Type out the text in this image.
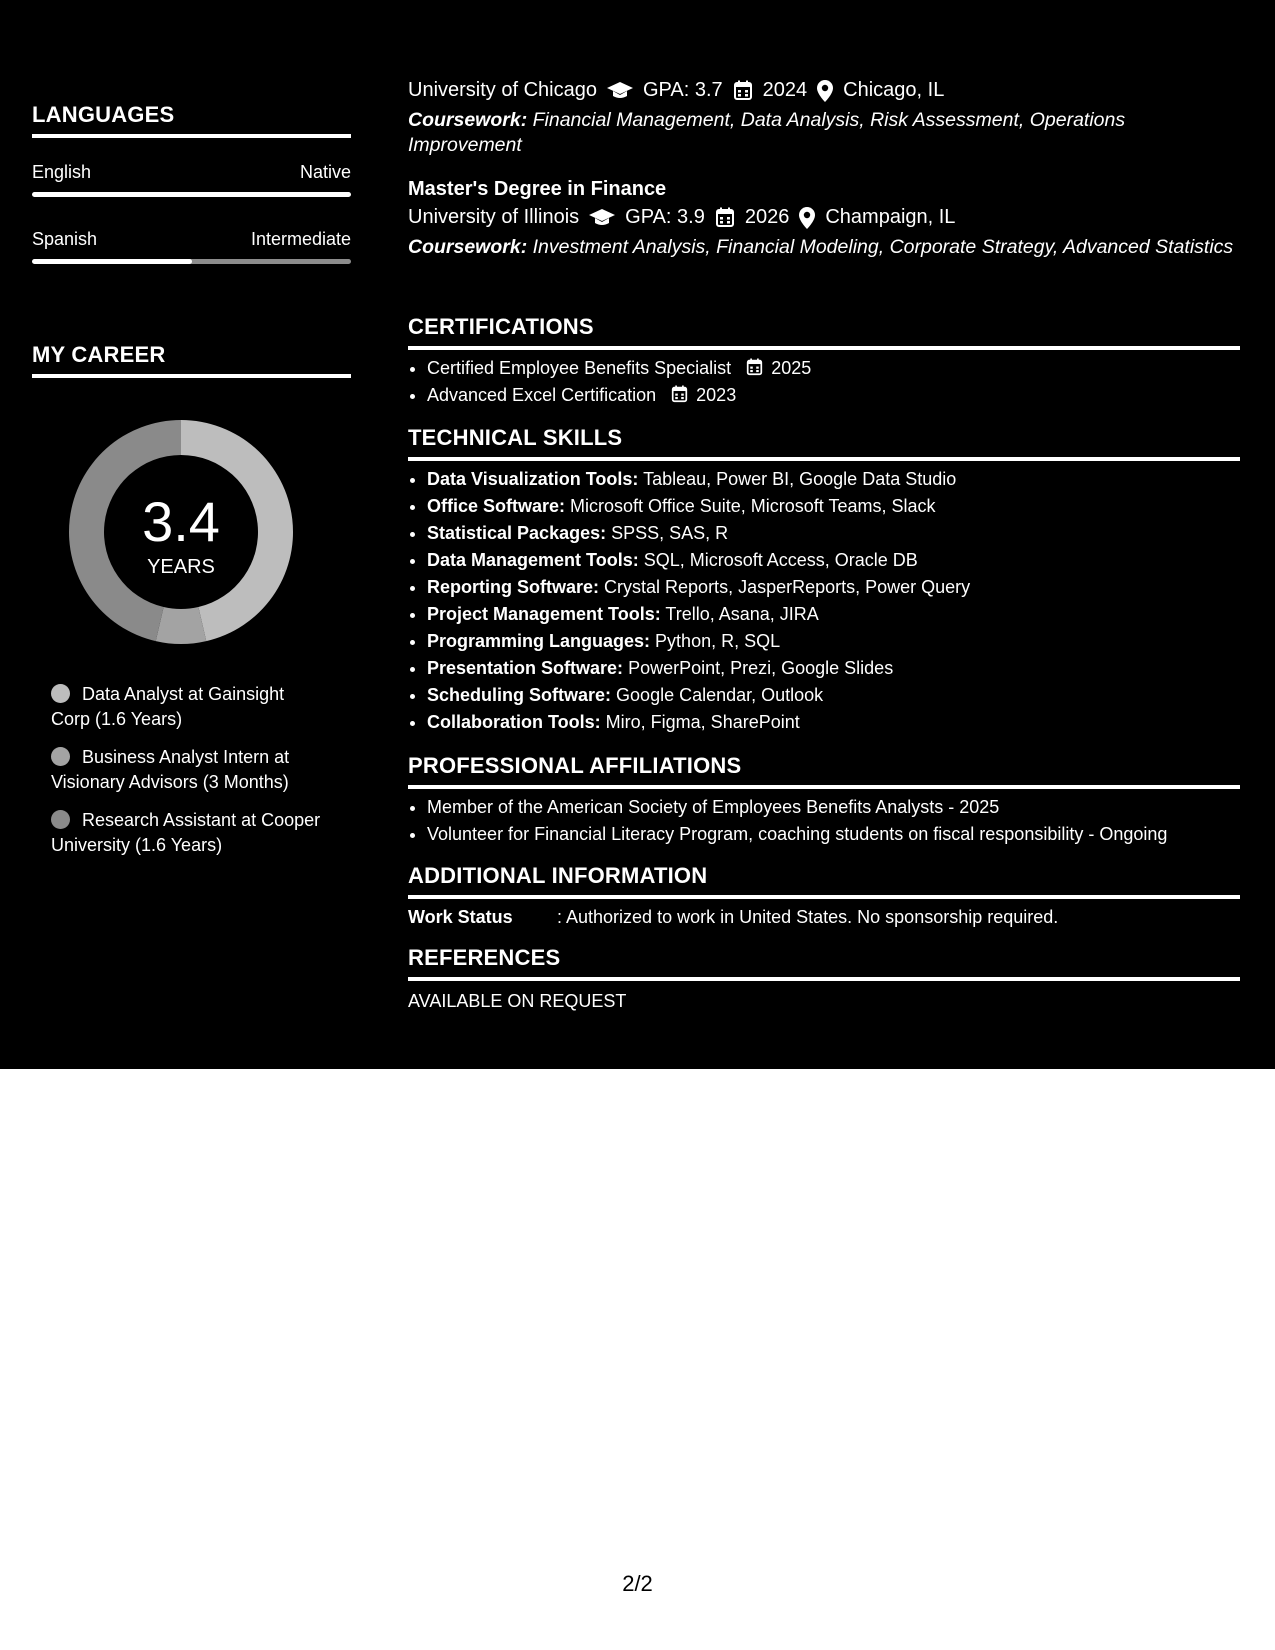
LANGUAGES
English	Native
Spanish	Intermediate
MY CAREER
3.4
YEARS
Data Analyst at Gainsight Corp (1.6 Years)
Business Analyst Intern at Visionary Advisors (3 Months)
Research Assistant at Cooper University (1.6 Years)
University of Chicago GPA: 3.7 2024 Chicago, IL
Coursework: Financial Management, Data Analysis, Risk Assessment, Operations Improvement
Master's Degree in Finance
University of Illinois GPA: 3.9 2026 Champaign, IL
Coursework: Investment Analysis, Financial Modeling, Corporate Strategy, Advanced Statistics
CERTIFICATIONS
• Certified Employee Benefits Specialist 2025
• Advanced Excel Certification 2023
TECHNICAL SKILLS
• Data Visualization Tools: Tableau, Power BI, Google Data Studio
• Office Software: Microsoft Office Suite, Microsoft Teams, Slack
• Statistical Packages: SPSS, SAS, R
• Data Management Tools: SQL, Microsoft Access, Oracle DB
• Reporting Software: Crystal Reports, JasperReports, Power Query
• Project Management Tools: Trello, Asana, JIRA
• Programming Languages: Python, R, SQL
• Presentation Software: PowerPoint, Prezi, Google Slides
• Scheduling Software: Google Calendar, Outlook
• Collaboration Tools: Miro, Figma, SharePoint
PROFESSIONAL AFFILIATIONS
• Member of the American Society of Employees Benefits Analysts - 2025
• Volunteer for Financial Literacy Program, coaching students on fiscal responsibility - Ongoing
ADDITIONAL INFORMATION
Work Status	: Authorized to work in United States. No sponsorship required.
REFERENCES
AVAILABLE ON REQUEST
2/2
